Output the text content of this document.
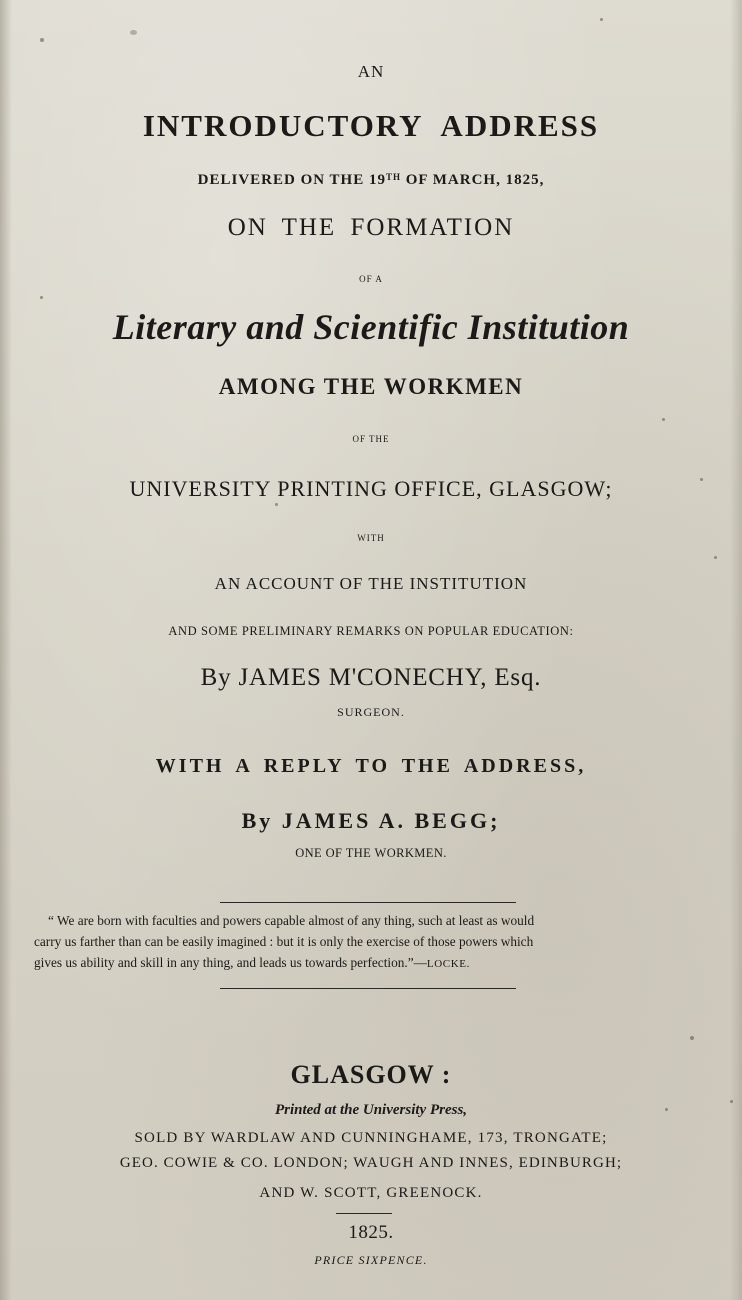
AN

INTRODUCTORY ADDRESS

DELIVERED ON THE 19TH OF MARCH, 1825,

ON THE FORMATION

OF A

Literary and Scientific Institution

AMONG THE WORKMEN

OF THE

UNIVERSITY PRINTING OFFICE, GLASGOW;

WITH

AN ACCOUNT OF THE INSTITUTION

AND SOME PRELIMINARY REMARKS ON POPULAR EDUCATION:

By JAMES M'CONECHY, Esq.

SURGEON.

WITH A REPLY TO THE ADDRESS,

By JAMES A. BEGG;

ONE OF THE WORKMEN.

“ We are born with faculties and powers capable almost of any thing, such at least as would

carry us farther than can be easily imagined : but it is only the exercise of those powers which

gives us ability and skill in any thing, and leads us towards perfection.”—LOCKE.

GLASGOW :

Printed at the University Press,

SOLD BY WARDLAW AND CUNNINGHAME, 173, TRONGATE;

GEO. COWIE & CO. LONDON; WAUGH AND INNES, EDINBURGH;

AND W. SCOTT, GREENOCK.

1825.

PRICE SIXPENCE.
